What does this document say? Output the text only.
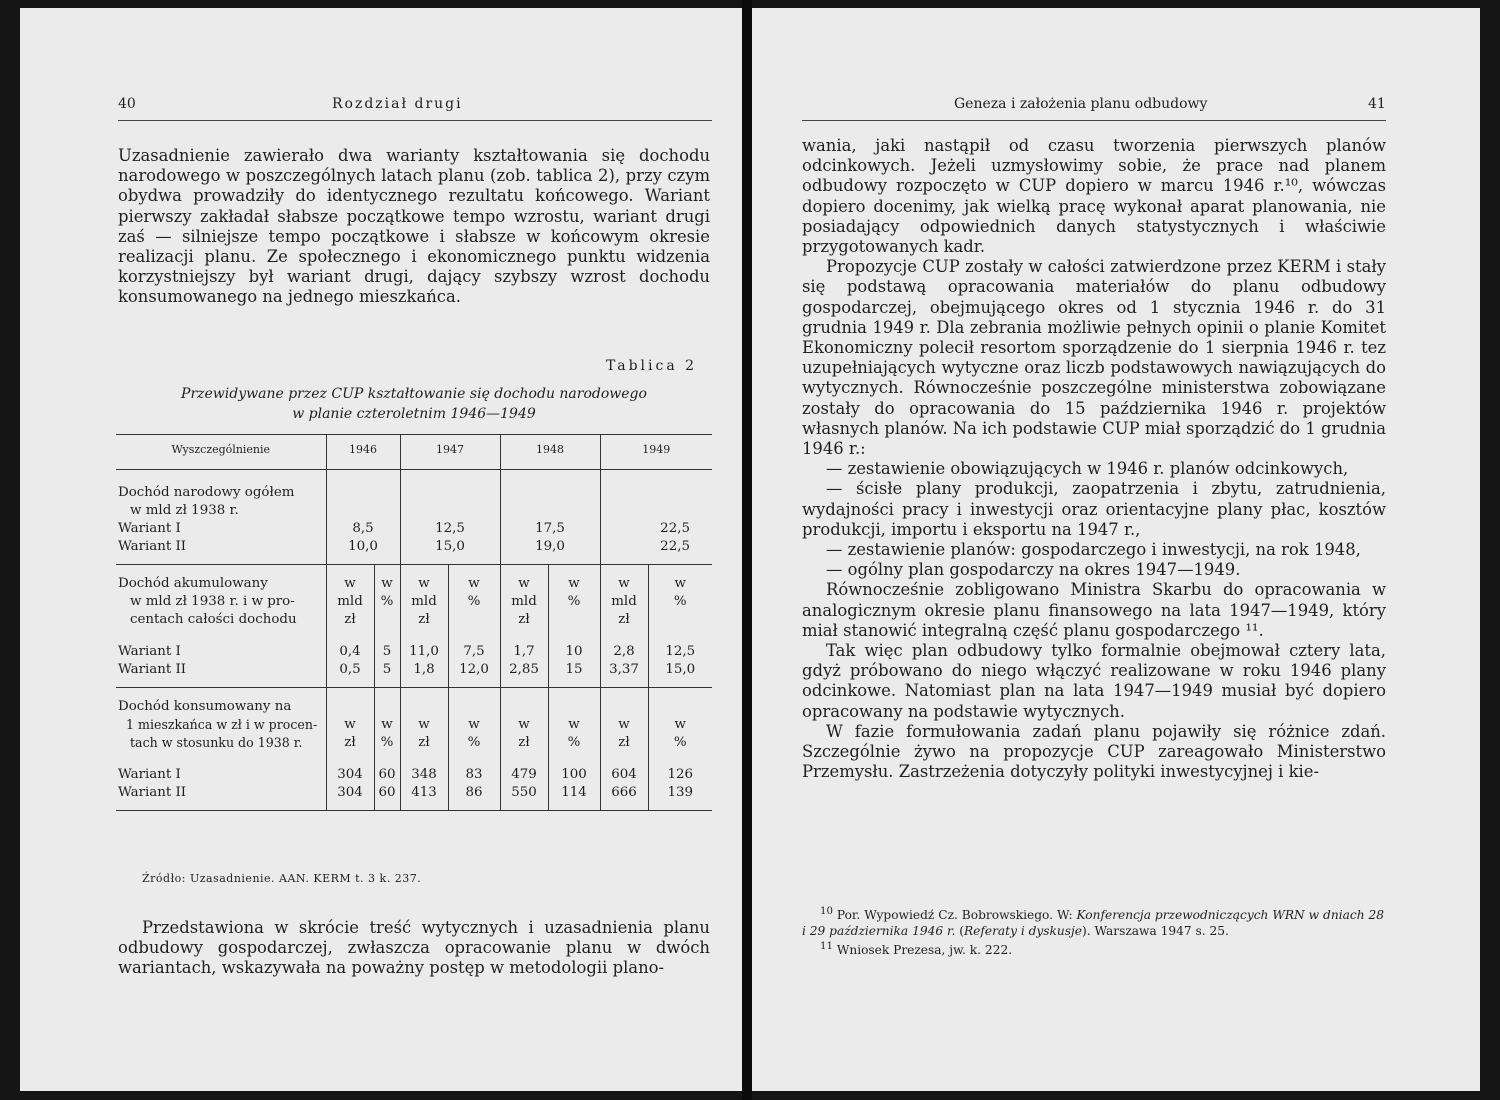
40	Rozdział drugi

Uzasadnienie zawierało dwa warianty kształtowania się dochodu narodowego w poszczególnych latach planu (zob. tablica 2), przy czym obydwa prowadziły do identycznego rezultatu końcowego. Wariant pierwszy zakładał słabsze początkowe tempo wzrostu, wariant drugi zaś — silniejsze tempo początkowe i słabsze w końcowym okresie realizacji planu. Ze społecznego i ekonomicznego punktu widzenia korzystniejszy był wariant drugi, dający szybszy wzrost dochodu konsumowanego na jednego mieszkańca.

Tablica 2
Przewidywane przez CUP kształtowanie się dochodu narodowego
w planie czteroletnim 1946—1949
Wyszczególnienie	1946		1947		1948		1949	
Dochód narodowy ogółem								
w mld zł 1938 r.								
Wariant I	8,5		12,5		17,5		22,5	
Wariant II	10,0		15,0		19,0		22,5	
Dochód akumulowany	w	w	w	w	w	w	w	w
w mld zł 1938 r. i w pro-	mld	%	mld	%	mld	%	mld	%
centach całości dochodu	zł		zł		zł		zł	
Wariant I	0,4	5	11,0	7,5	1,7	10	2,8	12,5
Wariant II	0,5	5	1,8	12,0	2,85	15	3,37	15,0
Dochód konsumowany na								
1 mieszkańca w zł i w procen-	w	w	w	w	w	w	w	w
tach w stosunku do 1938 r.	zł	%	zł	%	zł	%	zł	%
Wariant I	304	60	348	83	479	100	604	126
Wariant II	304	60	413	86	550	114	666	139
Źródło: Uzasadnienie. AAN. KERM t. 3 k. 237.

Przedstawiona w skrócie treść wytycznych i uzasadnienia planu odbudowy gospodarczej, zwłaszcza opracowanie planu w dwóch wariantach, wskazywała na poważny postęp w metodologii plano-

Geneza i założenia planu odbudowy	41

wania, jaki nastąpił od czasu tworzenia pierwszych planów odcinkowych. Jeżeli uzmysłowimy sobie, że prace nad planem odbudowy rozpoczęto w CUP dopiero w marcu 1946 r.¹⁰, wówczas dopiero docenimy, jak wielką pracę wykonał aparat planowania, nie posiadający odpowiednich danych statystycznych i właściwie przygotowanych kadr.

Propozycje CUP zostały w całości zatwierdzone przez KERM i stały się podstawą opracowania materiałów do planu odbudowy gospodarczej, obejmującego okres od 1 stycznia 1946 r. do 31 grudnia 1949 r. Dla zebrania możliwie pełnych opinii o planie Komitet Ekonomiczny polecił resortom sporządzenie do 1 sierpnia 1946 r. tez uzupełniających wytyczne oraz liczb podstawowych nawiązujących do wytycznych. Równocześnie poszczególne ministerstwa zobowiązane zostały do opracowania do 15 października 1946 r. projektów własnych planów. Na ich podstawie CUP miał sporządzić do 1 grudnia 1946 r.:

— zestawienie obowiązujących w 1946 r. planów odcinkowych,

— ścisłe plany produkcji, zaopatrzenia i zbytu, zatrudnienia, wydajności pracy i inwestycji oraz orientacyjne plany płac, kosztów produkcji, importu i eksportu na 1947 r.,

— zestawienie planów: gospodarczego i inwestycji, na rok 1948,

— ogólny plan gospodarczy na okres 1947—1949.

Równocześnie zobligowano Ministra Skarbu do opracowania w analogicznym okresie planu finansowego na lata 1947—1949, który miał stanowić integralną część planu gospodarczego ¹¹.

Tak więc plan odbudowy tylko formalnie obejmował cztery lata, gdyż próbowano do niego włączyć realizowane w roku 1946 plany odcinkowe. Natomiast plan na lata 1947—1949 musiał być dopiero opracowany na podstawie wytycznych.

W fazie formułowania zadań planu pojawiły się różnice zdań. Szczególnie żywo na propozycje CUP zareagowało Ministerstwo Przemysłu. Zastrzeżenia dotyczyły polityki inwestycyjnej i kie-

$^{10}$ Por. Wypowiedź Cz. Bobrowskiego. W: Konferencja przewodniczących WRN w dniach 28 i 29 października 1946 r. (Referaty i dyskusje). Warszawa 1947 s. 25.

$^{11}$ Wniosek Prezesa, jw. k. 222.
